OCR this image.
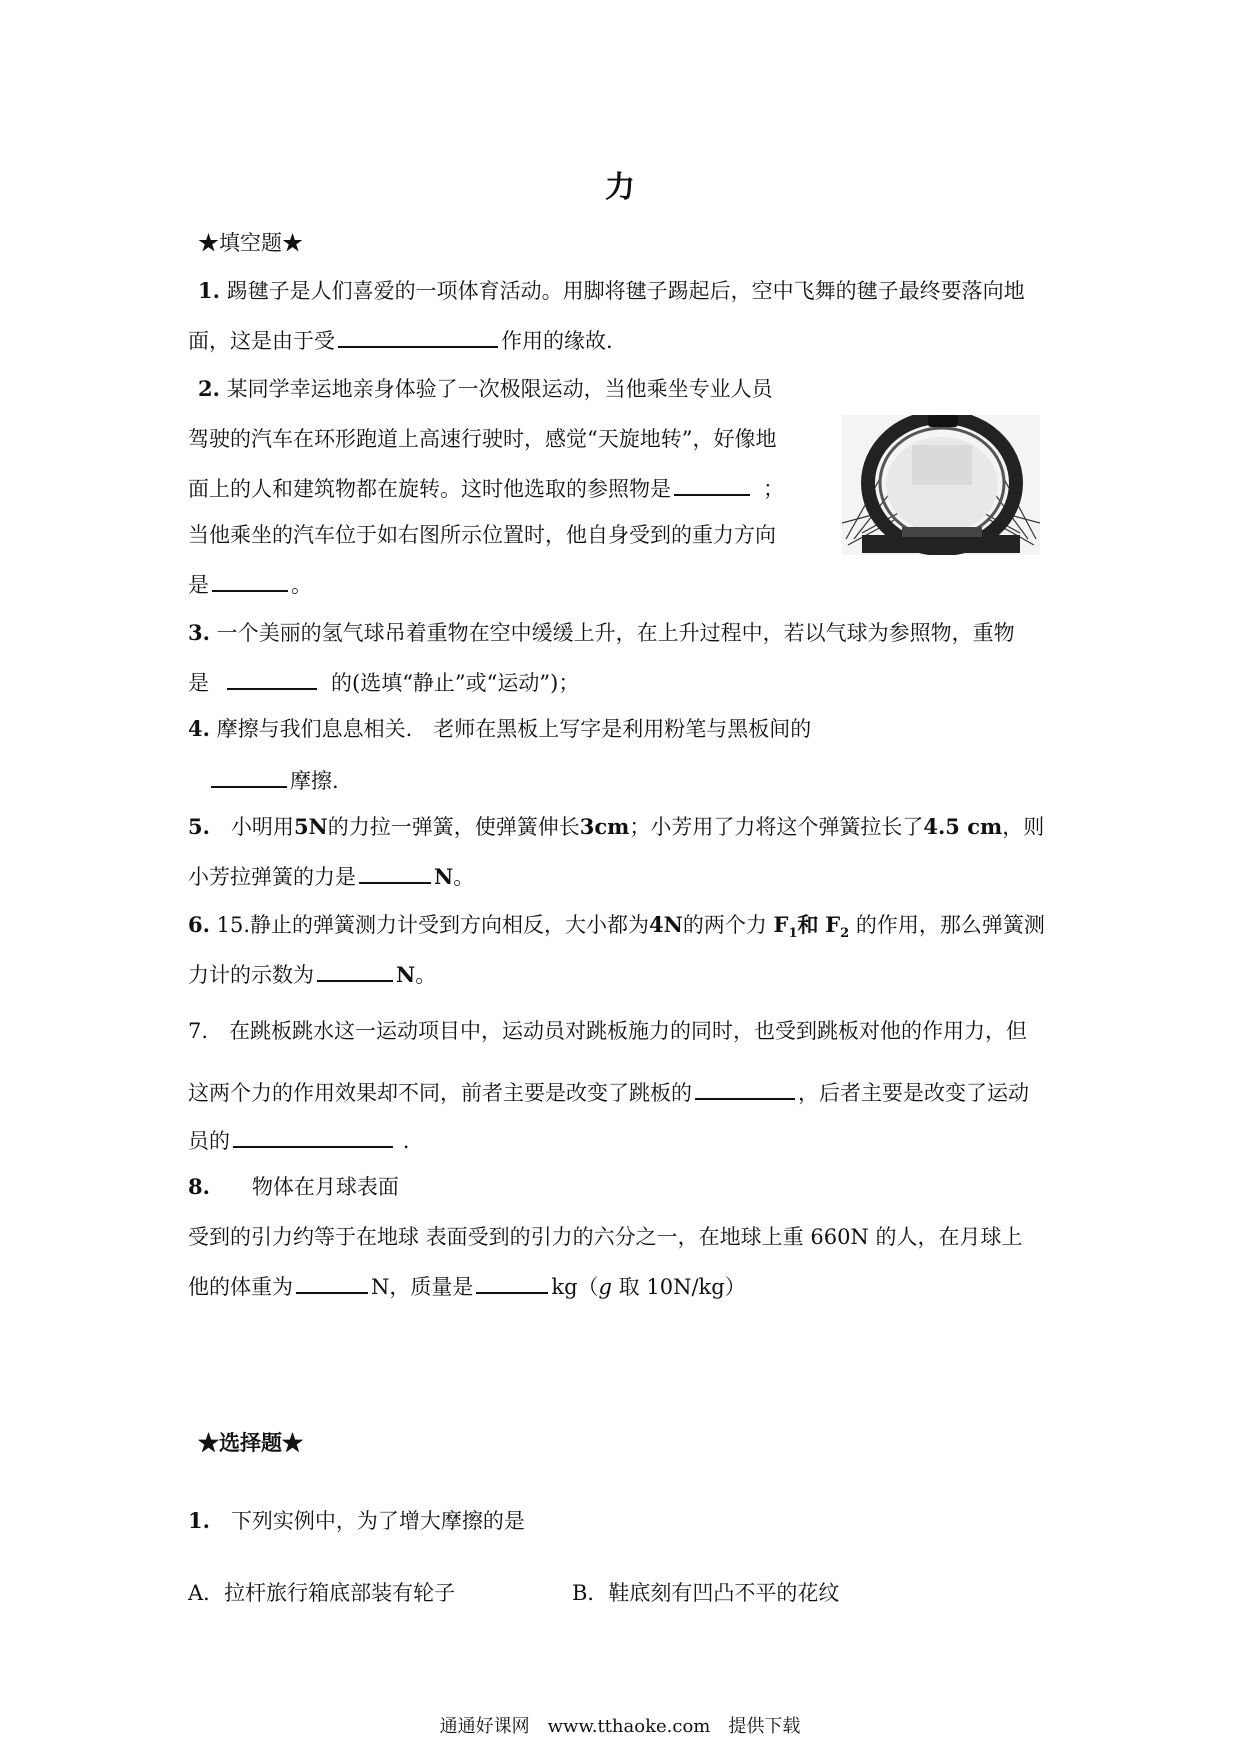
力
★填空题★
1. 踢毽子是人们喜爱的一项体育活动。用脚将毽子踢起后，空中飞舞的毽子最终要落向地
面，这是由于受	作用的缘故.
2. 某同学幸运地亲身体验了一次极限运动，当他乘坐专业人员
驾驶的汽车在环形跑道上高速行驶时，感觉“天旋地转”，好像地
面上的人和建筑物都在旋转。这时他选取的参照物是	；
当他乘坐的汽车位于如右图所示位置时，他自身受到的重力方向
是	。
3. 一个美丽的氢气球吊着重物在空中缓缓上升，在上升过程中，若以气球为参照物，重物
是	的(选填“静止”或“运动”)；
4. 摩擦与我们息息相关.　老师在黑板上写字是利用粉笔与黑板间的
摩擦.
5.　 小明用5N的力拉一弹簧，使弹簧伸长3cm；小芳用了力将这个弹簧拉长了4.5 cm，则
小芳拉弹簧的力是	N。
6. 15.静止的弹簧测力计受到方向相反，大小都为4N的两个力 $F_1$和 $F_2$ 的作用，那么弹簧测
力计的示数为	N。
7.　 在跳板跳水这一运动项目中，运动员对跳板施力的同时，也受到跳板对他的作用力，但
这两个力的作用效果却不同，前者主要是改变了跳板的	，后者主要是改变了运动
员的	.
8.　　 物体在月球表面
受到的引力约等于在地球 表面受到的引力的六分之一，在地球上重 660N 的人，在月球上
他的体重为	N，质量是	kg（g 取 10N/kg）
★选择题★
1.　 下列实例中，为了增大摩擦的是
A．拉杆旅行箱底部装有轮子	B．鞋底刻有凹凸不平的花纹
通通好课网　www.tthaoke.com　提供下载
